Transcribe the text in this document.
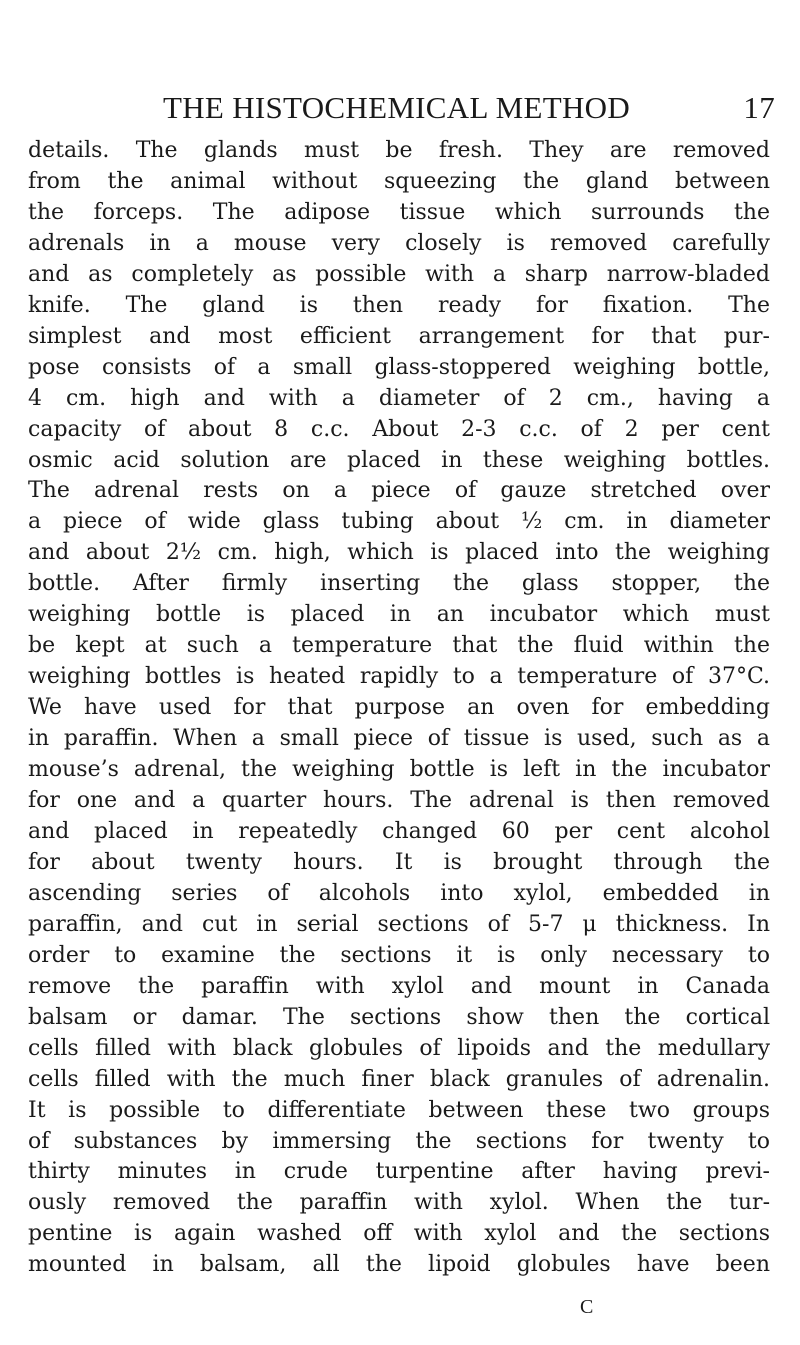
THE HISTOCHEMICAL METHOD	17
details. The glands must be fresh. They are removed
from the animal without squeezing the gland between
the forceps. The adipose tissue which surrounds the
adrenals in a mouse very closely is removed carefully
and as completely as possible with a sharp narrow-bladed
knife. The gland is then ready for fixation. The
simplest and most efficient arrangement for that pur-
pose consists of a small glass-stoppered weighing bottle,
4 cm. high and with a diameter of 2 cm., having a
capacity of about 8 c.c. About 2-3 c.c. of 2 per cent
osmic acid solution are placed in these weighing bottles.
The adrenal rests on a piece of gauze stretched over
a piece of wide glass tubing about ½ cm. in diameter
and about 2½ cm. high, which is placed into the weighing
bottle. After firmly inserting the glass stopper, the
weighing bottle is placed in an incubator which must
be kept at such a temperature that the fluid within the
weighing bottles is heated rapidly to a temperature of 37°C.
We have used for that purpose an oven for embedding
in paraffin. When a small piece of tissue is used, such as a
mouse’s adrenal, the weighing bottle is left in the incubator
for one and a quarter hours. The adrenal is then removed
and placed in repeatedly changed 60 per cent alcohol
for about twenty hours. It is brought through the
ascending series of alcohols into xylol, embedded in
paraffin, and cut in serial sections of 5-7 μ thickness. In
order to examine the sections it is only necessary to
remove the paraffin with xylol and mount in Canada
balsam or damar. The sections show then the cortical
cells filled with black globules of lipoids and the medullary
cells filled with the much finer black granules of adrenalin.
It is possible to differentiate between these two groups
of substances by immersing the sections for twenty to
thirty minutes in crude turpentine after having previ-
ously removed the paraffin with xylol. When the tur-
pentine is again washed off with xylol and the sections
mounted in balsam, all the lipoid globules have been
C
